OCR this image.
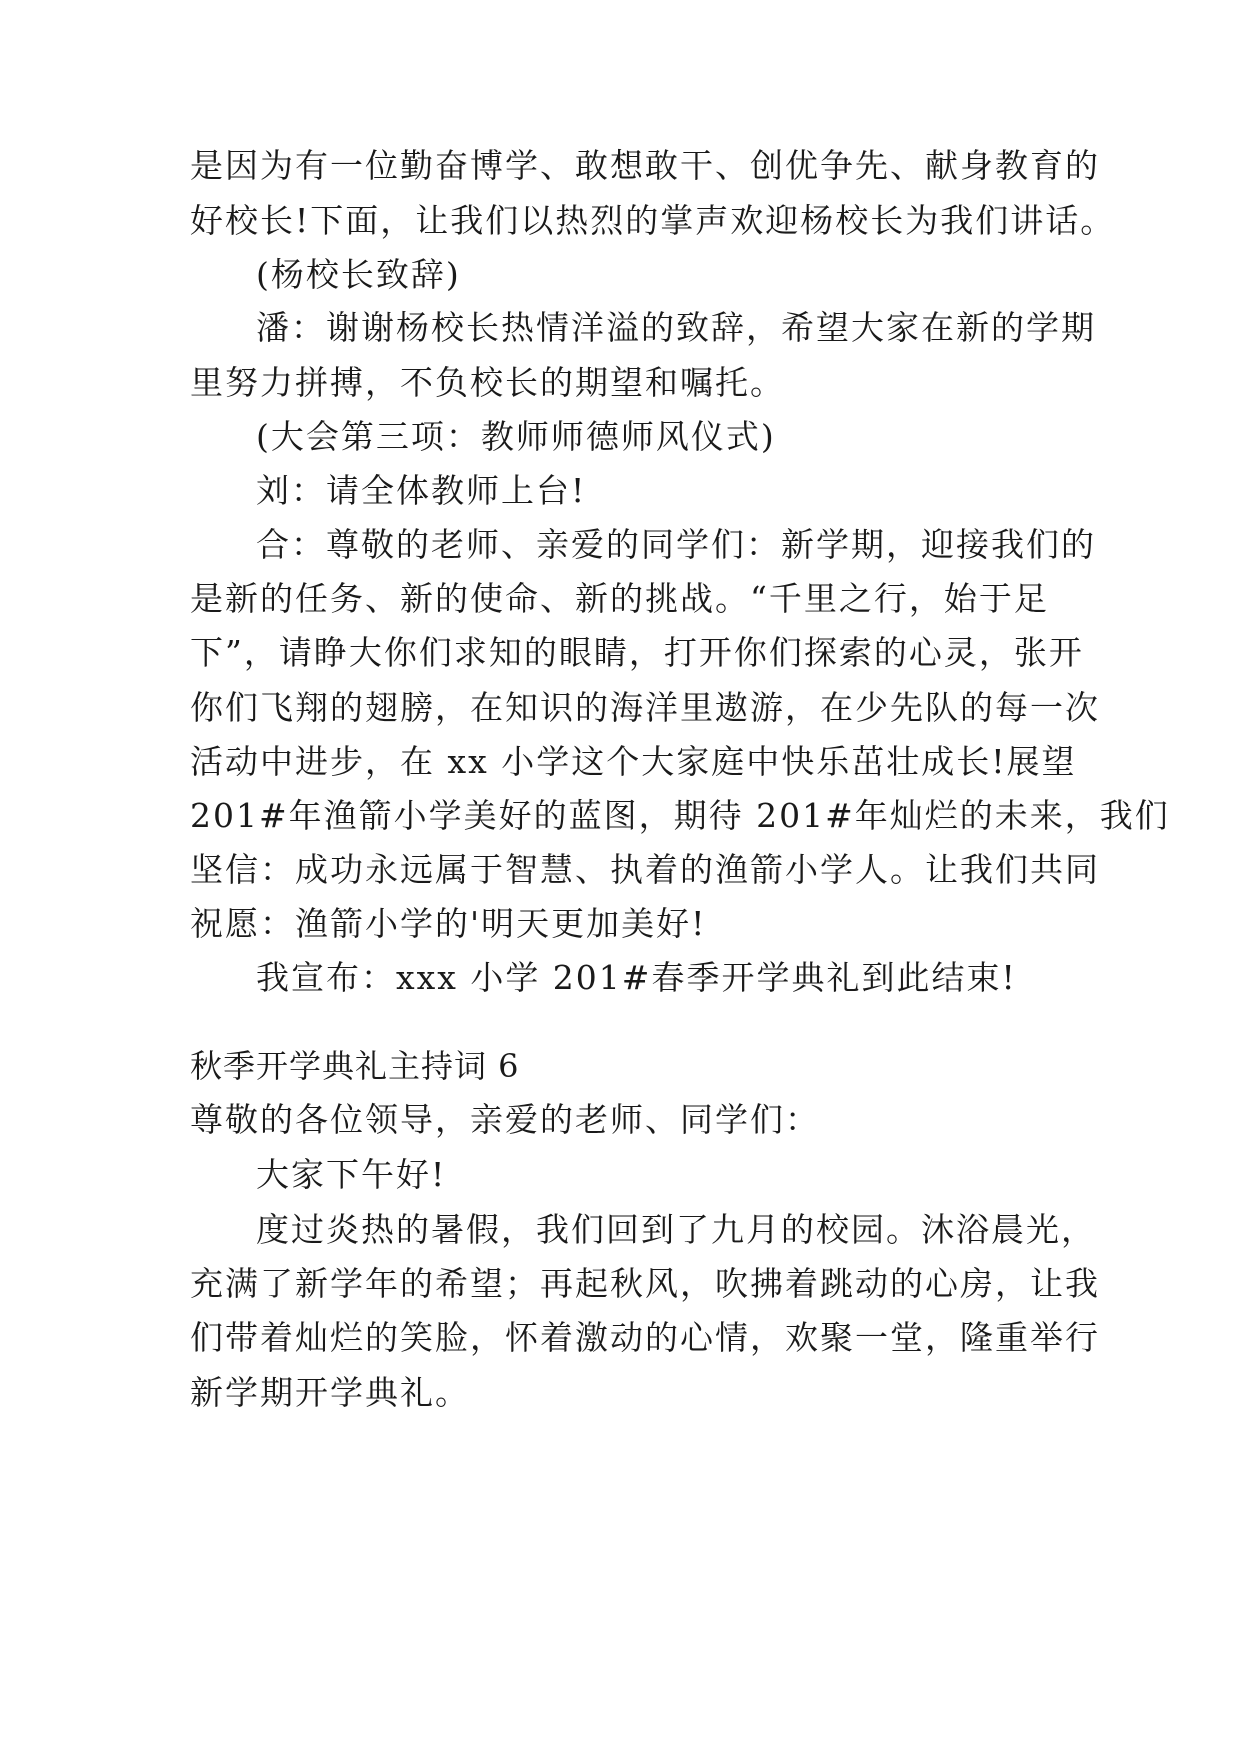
是因为有一位勤奋博学、敢想敢干、创优争先、献身教育的
好校长!下面，让我们以热烈的掌声欢迎杨校长为我们讲话。
(杨校长致辞)
潘：谢谢杨校长热情洋溢的致辞，希望大家在新的学期
里努力拼搏，不负校长的期望和嘱托。
(大会第三项：教师师德师风仪式)
刘：请全体教师上台!
合：尊敬的老师、亲爱的同学们：新学期，迎接我们的
是新的任务、新的使命、新的挑战。“千里之行，始于足
下”，请睁大你们求知的眼睛，打开你们探索的心灵，张开
你们飞翔的翅膀，在知识的海洋里遨游，在少先队的每一次
活动中进步，在 xx 小学这个大家庭中快乐茁壮成长!展望
201#年渔箭小学美好的蓝图，期待 201#年灿烂的未来，我们
坚信：成功永远属于智慧、执着的渔箭小学人。让我们共同
祝愿：渔箭小学的'明天更加美好!
我宣布：xxx 小学 201#春季开学典礼到此结束!
秋季开学典礼主持词 6
尊敬的各位领导，亲爱的老师、同学们：
大家下午好!
度过炎热的暑假，我们回到了九月的校园。沐浴晨光，
充满了新学年的希望；再起秋风，吹拂着跳动的心房，让我
们带着灿烂的笑脸，怀着激动的心情，欢聚一堂，隆重举行
新学期开学典礼。
